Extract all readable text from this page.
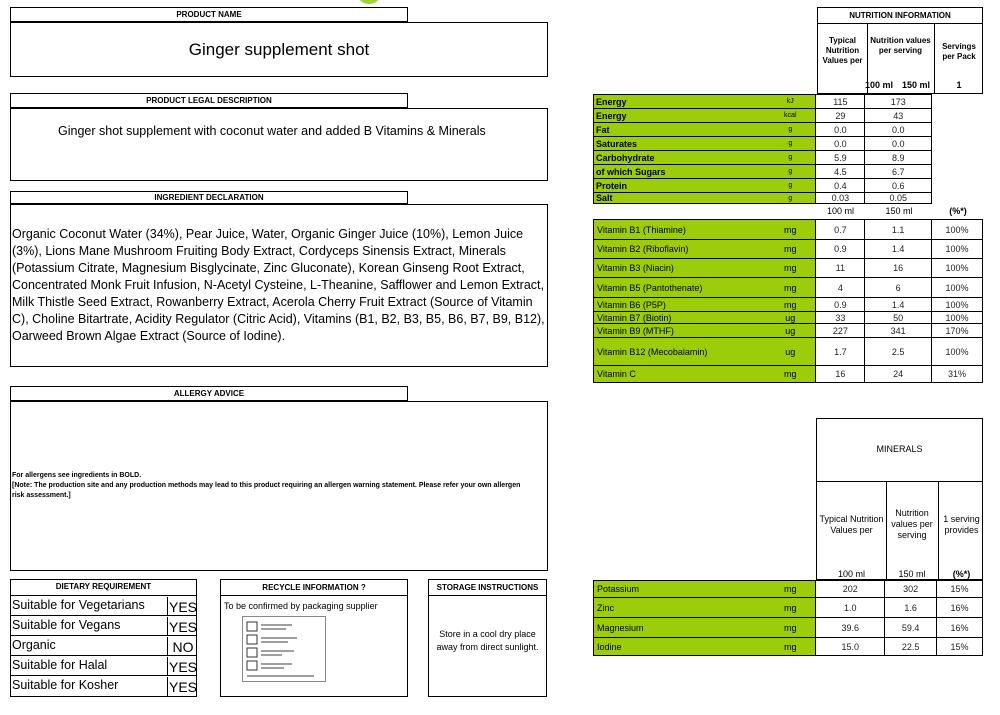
PRODUCT NAME
Ginger supplement shot
PRODUCT LEGAL DESCRIPTION
Ginger shot supplement with coconut water and added B Vitamins & Minerals
INGREDIENT DECLARATION
Organic Coconut Water (34%), Pear Juice, Water, Organic Ginger Juice (10%), Lemon Juice (3%), Lions Mane Mushroom Fruiting Body Extract, Cordyceps Sinensis Extract, Minerals (Potassium Citrate, Magnesium Bisglycinate, Zinc Gluconate), Korean Ginseng Root Extract, Concentrated Monk Fruit Infusion, N-Acetyl Cysteine, L-Theanine, Safflower and Lemon Extract, Milk Thistle Seed Extract, Rowanberry Extract, Acerola Cherry Fruit Extract (Source of Vitamin C), Choline Bitartrate, Acidity Regulator (Citric Acid), Vitamins (B1, B2, B3, B5, B6, B7, B9, B12), Oarweed Brown Algae Extract (Source of Iodine).
ALLERGY ADVICE
For allergens see ingredients in BOLD.
[Note: The production site and any production methods may lead to this product requiring an allergen warning statement. Please refer your own allergen risk assessment.]
DIETARY REQUIREMENT
Suitable for Vegetarians YES
Suitable for Vegans	YES
Organic	NO
Suitable for Halal	YES
Suitable for Kosher	YES
RECYCLE INFORMATION ?
To be confirmed by packaging supplier
STORAGE INSTRUCTIONS
Store in a cool dry place away from direct sunlight.
NUTRITION INFORMATION
Typical Nutrition Values per
Nutrition values per serving	Servings per Pack
100 ml 150 ml	1
Energy	kJ	115	173	
Energy	kcal	29	43	
Fat	g	0.0	0.0	
Saturates	g	0.0	0.0	
Carbohydrate	g	5.9	8.9	
of which Sugars	g	4.5	6.7	
Protein	g	0.4	0.6	
Salt	g	0.03	0.05	
100 ml	150 ml	(%*)
Vitamin B1 (Thiamine)	mg	0.7	1.1	100%
Vitamin B2 (Riboflavin)	mg	0.9	1.4	100%
Vitamin B3 (Niacin)	mg	11	16	100%
Vitamin B5 (Pantothenate)	mg	4	6	100%
Vitamin B6 (P5P)	mg	0.9	1.4	100%
Vitamin B7 (Biotin)	ug	33	50	100%
Vitamin B9 (MTHF)	ug	227	341	170%
Vitamin B12 (Mecobalamin)	ug	1.7	2.5	100%
Vitamin C	mg	16	24	31%
MINERALS
Typical Nutrition Values per
Nutrition values per serving
1 serving provides
100 ml	150 ml	(%*)
Potassium	mg	202	302	15%
Zinc	mg	1.0	1.6	16%
Magnesium	mg	39.6	59.4	16%
Iodine	mg	15.0	22.5	15%
